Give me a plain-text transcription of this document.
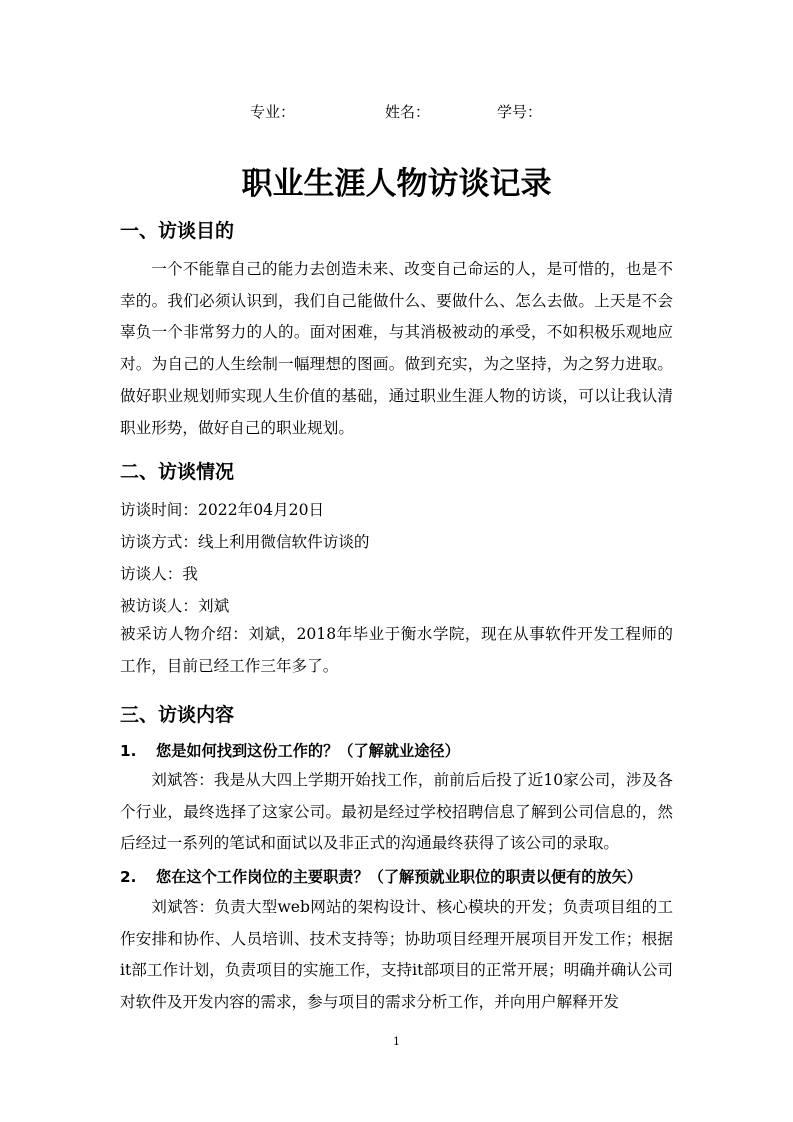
专业：	姓名：	学号：
职业生涯人物访谈记录
一、访谈目的
一个不能靠自己的能力去创造未来、改变自己命运的人，是可惜的，也是不幸的。我们必须认识到，我们自己能做什么、要做什么、怎么去做。上天是不会辜负一个非常努力的人的。面对困难，与其消极被动的承受，不如积极乐观地应对。为自己的人生绘制一幅理想的图画。做到充实，为之坚持，为之努力进取。做好职业规划师实现人生价值的基础，通过职业生涯人物的访谈，可以让我认清职业形势，做好自己的职业规划。
二、访谈情况
访谈时间：2022年04月20日
访谈方式：线上利用微信软件访谈的
访谈人：我
被访谈人：刘斌
被采访人物介绍：刘斌，2018年毕业于衡水学院，现在从事软件开发工程师的工作，目前已经工作三年多了。
三、访谈内容
1. 您是如何找到这份工作的？（了解就业途径）
刘斌答：我是从大四上学期开始找工作，前前后后投了近10家公司，涉及各个行业，最终选择了这家公司。最初是经过学校招聘信息了解到公司信息的，然后经过一系列的笔试和面试以及非正式的沟通最终获得了该公司的录取。
2. 您在这个工作岗位的主要职责？（了解预就业职位的职责以便有的放矢）
刘斌答：负责大型web网站的架构设计、核心模块的开发；负责项目组的工作安排和协作、人员培训、技术支持等；协助项目经理开展项目开发工作；根据it部工作计划，负责项目的实施工作，支持it部项目的正常开展；明确并确认公司对软件及开发内容的需求，参与项目的需求分析工作，并向用户解释开发
1
